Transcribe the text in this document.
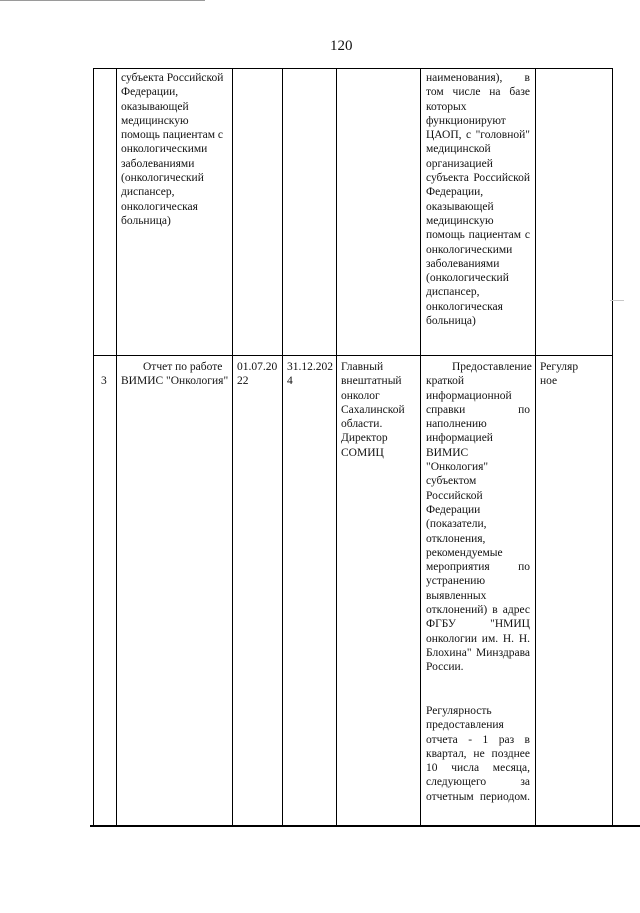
120
субъекта Российской Федерации, оказывающей медицинскую помощь пациентам с онкологическими заболеваниями (онкологический диспансер, онкологическая больница)
наименования), в том числе на базе которых функционируют ЦАОП, с "головной" медицинской организацией субъекта Российской Федерации, оказывающей медицинскую помощь пациентам с онкологическими заболеваниями (онкологический диспансер, онкологическая больница)
3
Отчет по работе ВИМИС "Онкология"
01.07.2022
31.12.2024
Главный внештатный онколог Сахалинской области. Директор СОМИЦ
Предоставление краткой информационной справки по наполнению информацией ВИМИС "Онкология" субъектом Российской Федерации (показатели, отклонения, рекомендуемые мероприятия по устранению выявленных отклонений) в адрес ФГБУ "НМИЦ онкологии им. Н. Н. Блохина" Минздрава России.
Регулярность предоставления отчета - 1 раз в квартал, не позднее 10 числа месяца, следующего за отчетным периодом.
Регулярное
